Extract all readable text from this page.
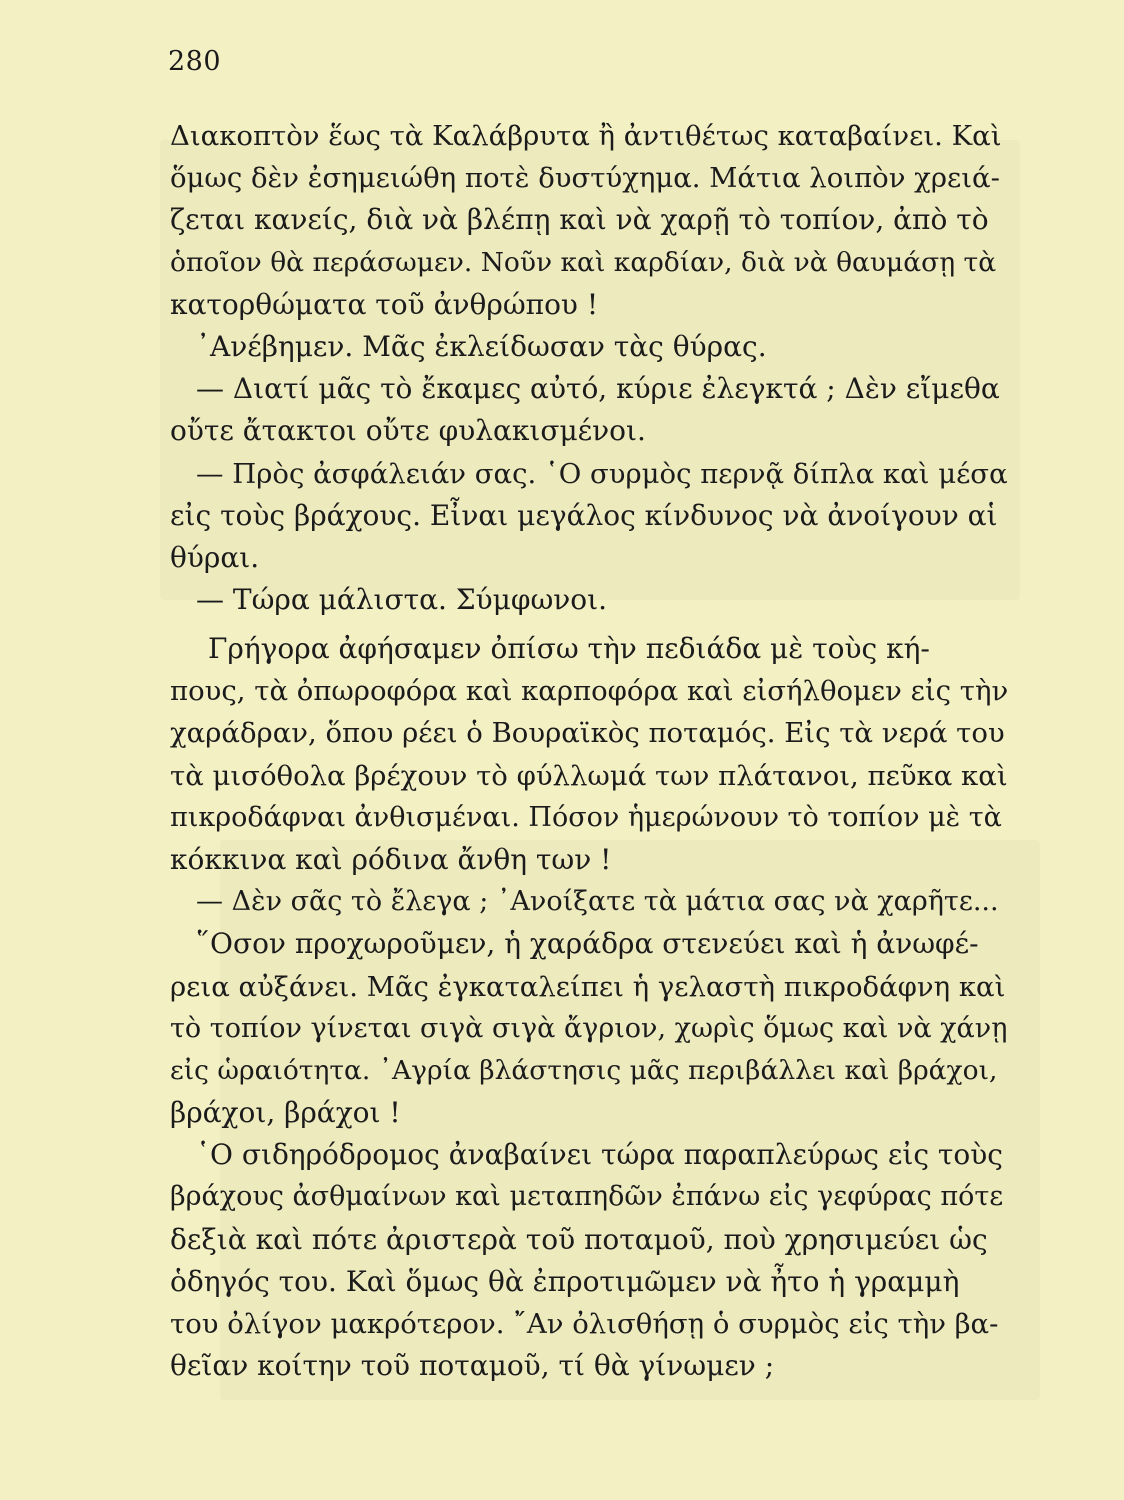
280
Διακοπτὸν ἕως τὰ Καλάβρυτα ἢ ἀντιθέτως καταβαίνει. Καὶ
ὅμως δὲν ἐσημειώθη ποτὲ δυστύχημα. Μάτια λοιπὸν χρειά-
ζεται κανείς, διὰ νὰ βλέπῃ καὶ νὰ χαρῇ τὸ τοπίον, ἀπὸ τὸ
ὁποῖον θὰ περάσωμεν. Νοῦν καὶ καρδίαν, διὰ νὰ θαυμάσῃ τὰ
κατορθώματα τοῦ ἀνθρώπου !
᾿Ανέβημεν. Μᾶς ἐκλείδωσαν τὰς θύρας.
— Διατί μᾶς τὸ ἔκαμες αὐτό, κύριε ἐλεγκτά ; Δὲν εἴμεθα
οὔτε ἄτακτοι οὔτε φυλακισμένοι.
— Πρὸς ἀσφάλειάν σας. ῾Ο συρμὸς περνᾷ δίπλα καὶ μέσα
εἰς τοὺς βράχους. Εἶναι μεγάλος κίνδυνος νὰ ἀνοίγουν αἱ
θύραι.
— Τώρα μάλιστα. Σύμφωνοι.
Γρήγορα ἀφήσαμεν ὀπίσω τὴν πεδιάδα μὲ τοὺς κή-
πους, τὰ ὀπωροφόρα καὶ καρποφόρα καὶ εἰσήλθομεν εἰς τὴν
χαράδραν, ὅπου ρέει ὁ Βουραϊκὸς ποταμός. Εἰς τὰ νερά του
τὰ μισόθολα βρέχουν τὸ φύλλωμά των πλάτανοι, πεῦκα καὶ
πικροδάφναι ἀνθισμέναι. Πόσον ἡμερώνουν τὸ τοπίον μὲ τὰ
κόκκινα καὶ ρόδινα ἄνθη των !
— Δὲν σᾶς τὸ ἔλεγα ; ᾿Ανοίξατε τὰ μάτια σας νὰ χαρῆτε...
῞Οσον προχωροῦμεν, ἡ χαράδρα στενεύει καὶ ἡ ἀνωφέ-
ρεια αὐξάνει. Μᾶς ἐγκαταλείπει ἡ γελαστὴ πικροδάφνη καὶ
τὸ τοπίον γίνεται σιγὰ σιγὰ ἄγριον, χωρὶς ὅμως καὶ νὰ χάνῃ
εἰς ὡραιότητα. ᾿Αγρία βλάστησις μᾶς περιβάλλει καὶ βράχοι,
βράχοι, βράχοι !
῾Ο σιδηρόδρομος ἀναβαίνει τώρα παραπλεύρως εἰς τοὺς
βράχους ἀσθμαίνων καὶ μεταπηδῶν ἐπάνω εἰς γεφύρας πότε
δεξιὰ καὶ πότε ἀριστερὰ τοῦ ποταμοῦ, ποὺ χρησιμεύει ὡς
ὁδηγός του. Καὶ ὅμως θὰ ἐπροτιμῶμεν νὰ ἦτο ἡ γραμμὴ
του ὀλίγον μακρότερον. ῎Αν ὀλισθήσῃ ὁ συρμὸς εἰς τὴν βα-
θεῖαν κοίτην τοῦ ποταμοῦ, τί θὰ γίνωμεν ;
